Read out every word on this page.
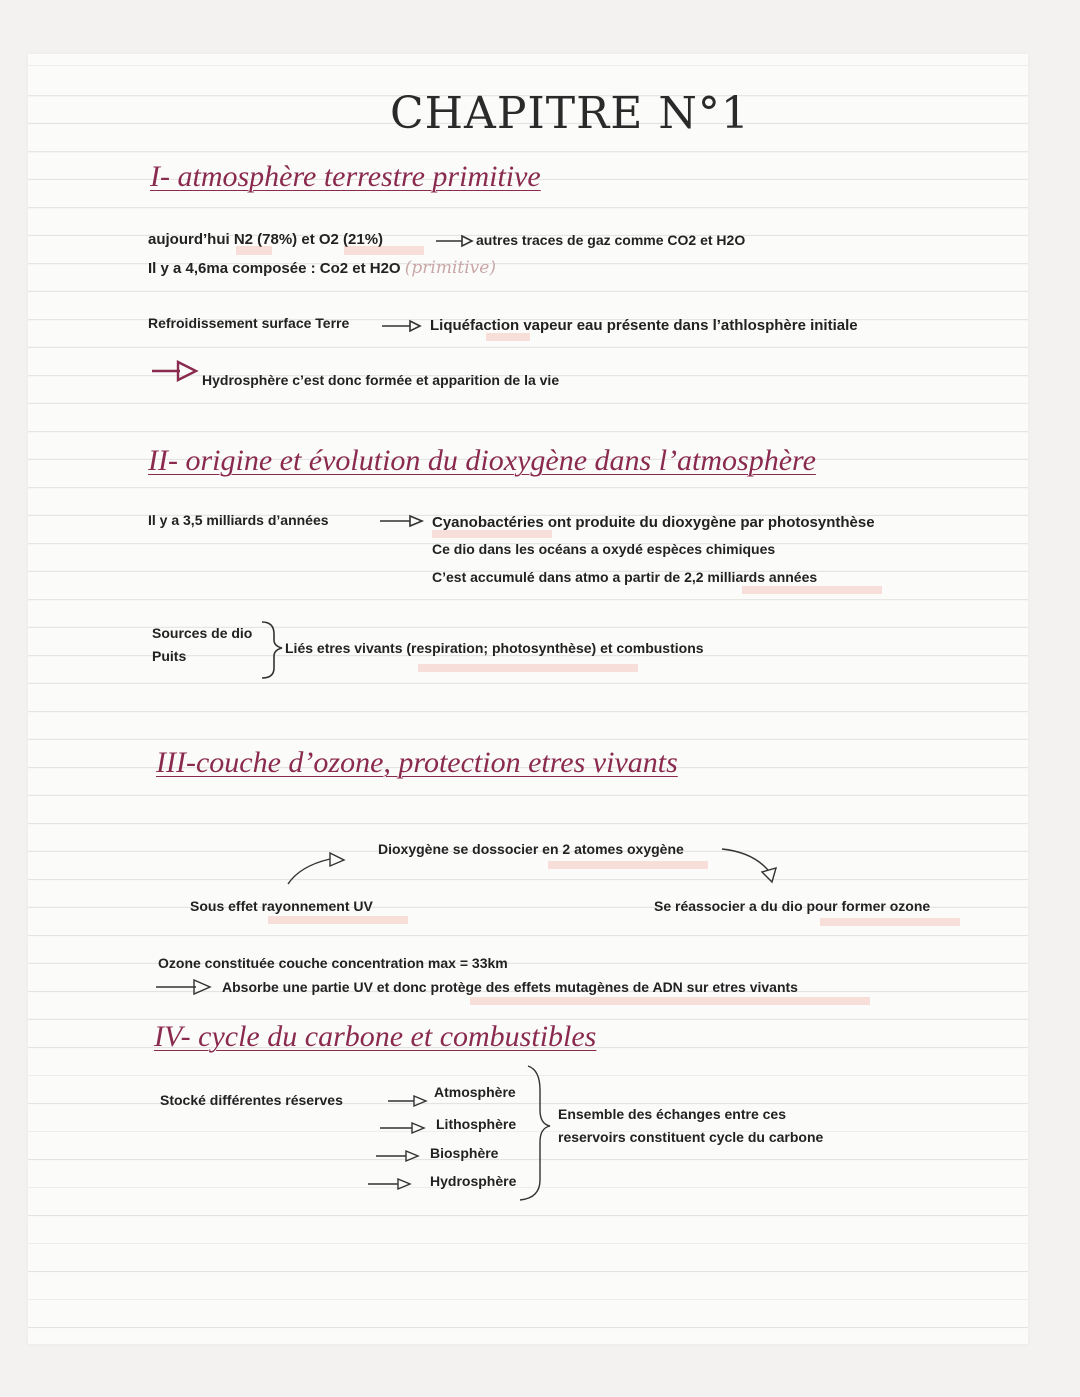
CHAPITRE N°1
I- atmosphère terrestre primitive
aujourd’hui N2 (78%) et O2 (21%)	autres traces de gaz comme CO2 et H2O
Il y a 4,6ma composée : Co2 et H2O (primitive)
Refroidissement surface Terre	Liquéfaction vapeur eau présente dans l’athlosphère initiale
Hydrosphère c’est donc formée et apparition de la vie
II- origine et évolution du dioxygène dans l’atmosphère
Il y a 3,5 milliards d’années	Cyanobactéries ont produite du dioxygène par photosynthèse
Ce dio dans les océans a oxydé espèces chimiques
C’est accumulé dans atmo a partir de 2,2 milliards années
Sources de dio
Puits	Liés etres vivants (respiration; photosynthèse) et combustions
III-couche d’ozone, protection etres vivants
Dioxygène se dossocier en 2 atomes oxygène
Sous effet rayonnement UV	Se réassocier a du dio pour former ozone
Ozone constituée couche concentration max = 33km
Absorbe une partie UV et donc protège des effets mutagènes de ADN sur etres vivants
IV- cycle du carbone et combustibles
Stocké différentes réserves	Atmosphère
Lithosphère
Biosphère
Hydrosphère
Ensemble des échanges entre ces
reservoirs constituent cycle du carbone
